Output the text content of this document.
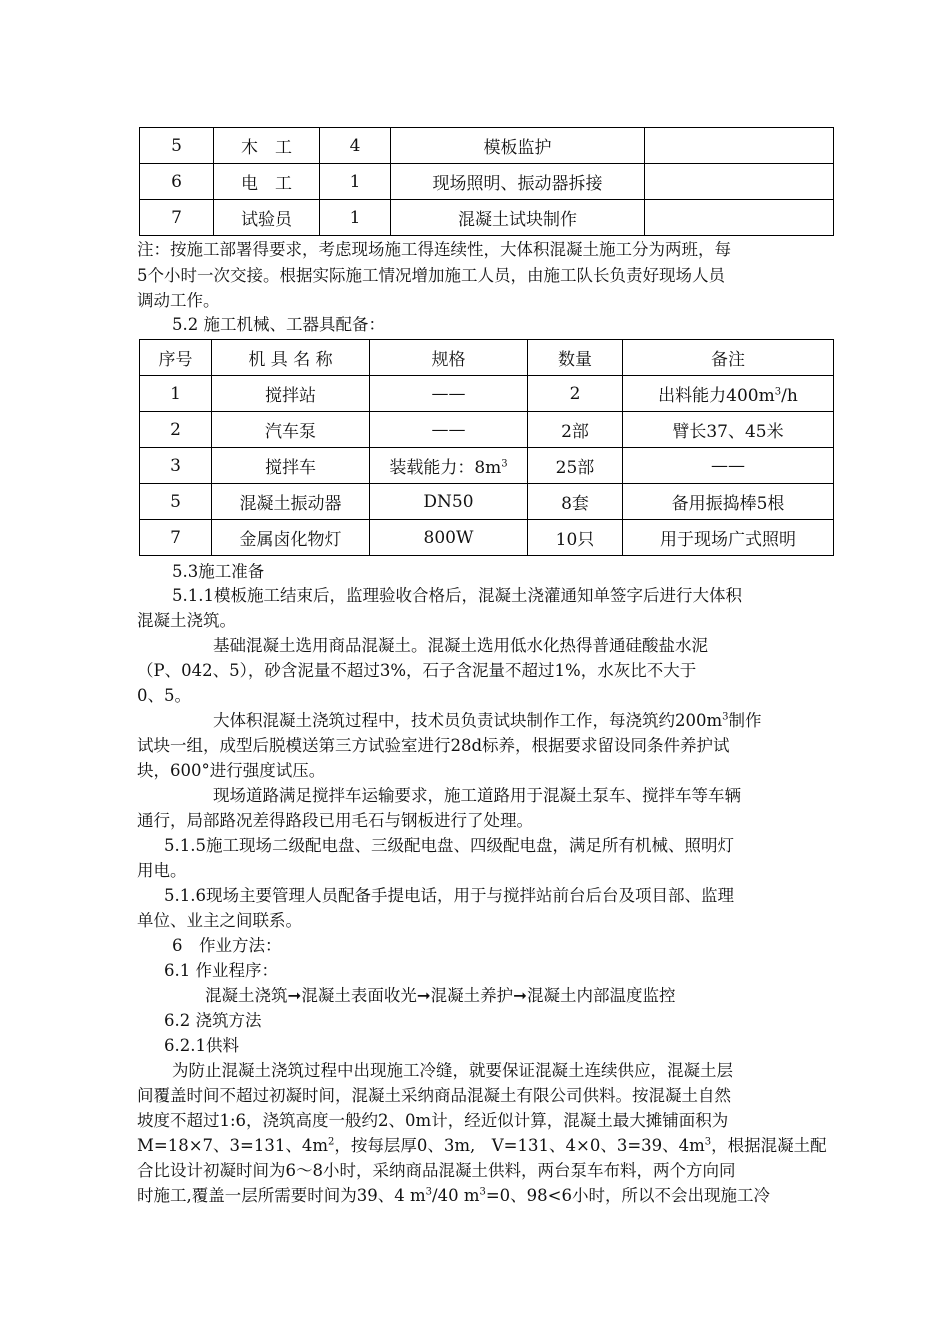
5	木　工	4	模板监护	
6	电　工	1	现场照明、振动器拆接	
7	试验员	1	混凝土试块制作	
注：按施工部署得要求，考虑现场施工得连续性，大体积混凝土施工分为两班，每
5个小时一次交接。根据实际施工情况增加施工人员，由施工队长负责好现场人员
调动工作。
5.2 施工机械、工器具配备：
序号	机 具 名 称	规格	数量	备注
1	搅拌站	——	2	出料能力$400m^3/h$
2	汽车泵	——	2部	臂长37、45米
3	搅拌车	装载能力：$8m^3$	25部	——
5	混凝土振动器	DN50	8套	备用振捣棒5根
7	金属卤化物灯	800W	10只	用于现场广式照明
5.3施工准备
5.1.1模板施工结束后，监理验收合格后，混凝土浇灌通知单签字后进行大体积
混凝土浇筑。
基础混凝土选用商品混凝土。混凝土选用低水化热得普通硅酸盐水泥
（P、042、5），砂含泥量不超过3%，石子含泥量不超过1%，水灰比不大于
0、5。
大体积混凝土浇筑过程中，技术员负责试块制作工作，每浇筑约$200m^3$制作
试块一组，成型后脱模送第三方试验室进行28d标养，根据要求留设同条件养护试
块，600°进行强度试压。
现场道路满足搅拌车运输要求，施工道路用于混凝土泵车、搅拌车等车辆
通行，局部路况差得路段已用毛石与钢板进行了处理。
5.1.5施工现场二级配电盘、三级配电盘、四级配电盘，满足所有机械、照明灯
用电。
5.1.6现场主要管理人员配备手提电话，用于与搅拌站前台后台及项目部、监理
单位、业主之间联系。
6　作业方法：
6.1 作业程序：
混凝土浇筑➞混凝土表面收光➞混凝土养护➞混凝土内部温度监控
6.2 浇筑方法
6.2.1供料
为防止混凝土浇筑过程中出现施工冷缝，就要保证混凝土连续供应，混凝土层
间覆盖时间不超过初凝时间，混凝土采纳商品混凝土有限公司供料。按混凝土自然
坡度不超过1:6，浇筑高度一般约2、0m计，经近似计算，混凝土最大摊铺面积为
M=18×7、3=131、$4m^2$，按每层厚0、3m,　V=131、4×0、3=39、$4m^3$，根据混凝土配
合比设计初凝时间为6～8小时，采纳商品混凝土供料，两台泵车布料，两个方向同
时施工,覆盖一层所需要时间为39、4 $m^3/40$ $m^3=0$、98<6小时，所以不会出现施工冷
